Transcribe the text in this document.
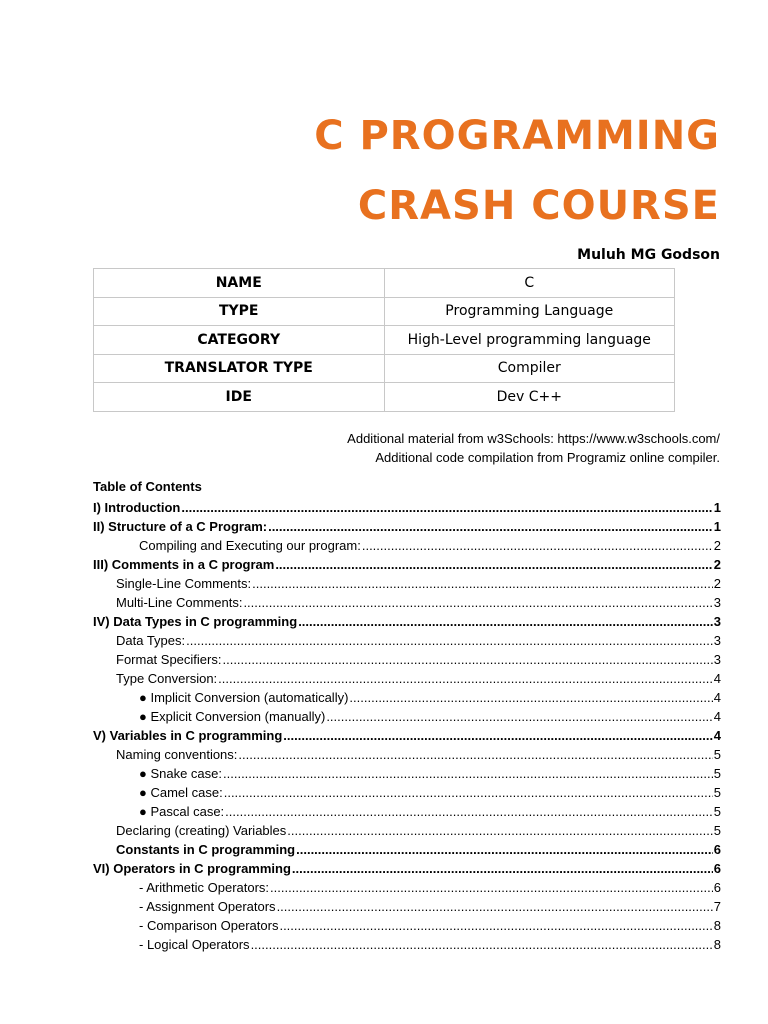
C PROGRAMMING
CRASH COURSE
Muluh MG Godson
NAME	C
TYPE	Programming Language
CATEGORY	High-Level programming language
TRANSLATOR TYPE	Compiler
IDE	Dev C++
Additional material from w3Schools: https://www.w3schools.com/
Additional code compilation from Programiz online compiler.
Table of Contents
I) Introduction .....	1
II) Structure of a C Program: .....	1
Compiling and Executing our program: .....	2
III) Comments in a C program .....	2
Single-Line Comments: .....	2
Multi-Line Comments: .....	3
IV) Data Types in C programming .....	3
Data Types: .....	3
Format Specifiers: .....	3
Type Conversion: .....	4
● Implicit Conversion (automatically) .....	4
● Explicit Conversion (manually) .....	4
V) Variables in C programming .....	4
Naming conventions: .....	5
● Snake case: .....	5
● Camel case: .....	5
● Pascal case: .....	5
Declaring (creating) Variables .....	5
Constants in C programming .....	6
VI) Operators in C programming .....	6
- Arithmetic Operators: .....	6
- Assignment Operators .....	7
- Comparison Operators .....	8
- Logical Operators .....	8
